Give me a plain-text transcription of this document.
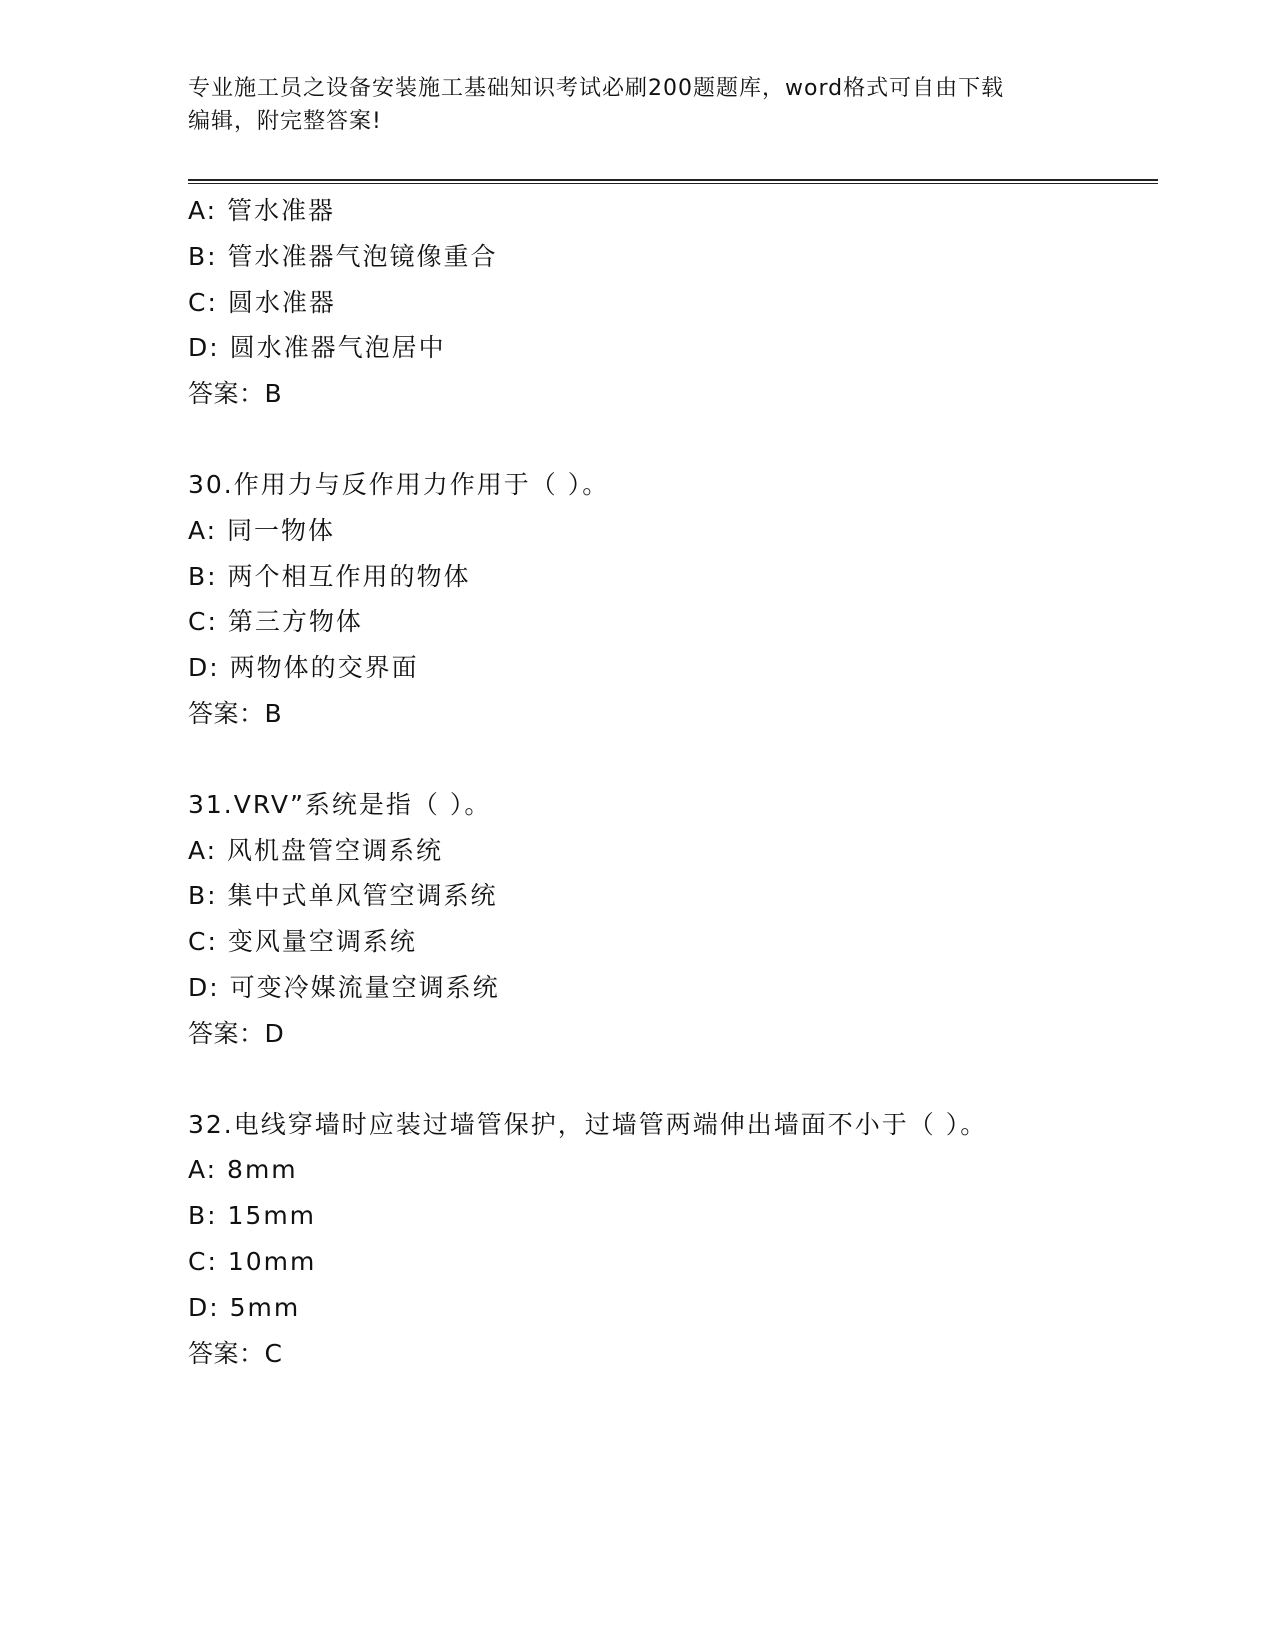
专业施工员之设备安装施工基础知识考试必刷200题题库，word格式可自由下载
编辑，附完整答案!
A: 管水准器
B: 管水准器气泡镜像重合
C: 圆水准器
D: 圆水准器气泡居中
答案：B
30.作用力与反作用力作用于（ ）。
A: 同一物体
B: 两个相互作用的物体
C: 第三方物体
D: 两物体的交界面
答案：B
31.VRV”系统是指（ ）。
A: 风机盘管空调系统
B: 集中式单风管空调系统
C: 变风量空调系统
D: 可变冷媒流量空调系统
答案：D
32.电线穿墙时应装过墙管保护，过墙管两端伸出墙面不小于（ ）。
A: 8mm
B: 15mm
C: 10mm
D: 5mm
答案：C
